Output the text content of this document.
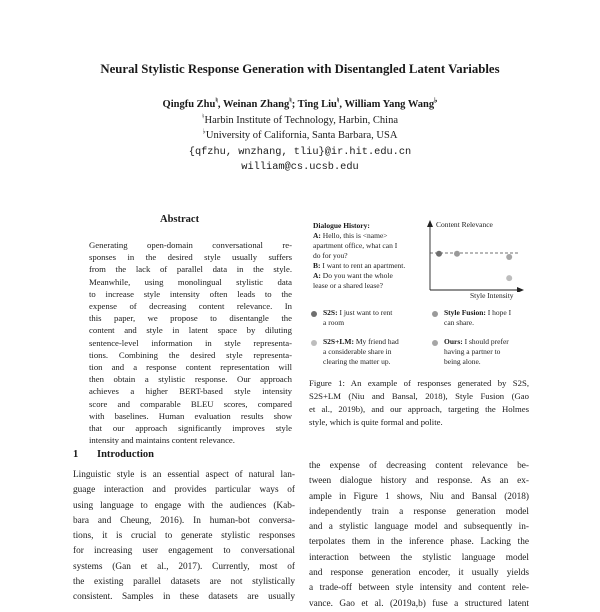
Neural Stylistic Response Generation with Disentangled Latent Variables
Qingfu Zhu♮, Weinan Zhang♮; Ting Liu♮, William Yang Wang♭
♮Harbin Institute of Technology, Harbin, China
♭University of California, Santa Barbara, USA
{qfzhu, wnzhang, tliu}@ir.hit.edu.cn
william@cs.ucsb.edu
Abstract
Generating open-domain conversational re-
sponses in the desired style usually suffers
from the lack of parallel data in the style.
Meanwhile, using monolingual stylistic data
to increase style intensity often leads to the
expense of decreasing content relevance. In
this paper, we propose to disentangle the
content and style in latent space by diluting
sentence-level information in style representa-
tions. Combining the desired style representa-
tion and a response content representation will
then obtain a stylistic response. Our approach
achieves a higher BERT-based style intensity
score and comparable BLEU scores, compared
with baselines. Human evaluation results show
that our approach significantly improves style
intensity and maintains content relevance.
Dialogue History:
A: Hello, this is <name>
apartment office, what can I
do for you?
B: I want to rent an apartment.
A: Do you want the whole
lease or a shared lease?
Content Relevance
Style Intensity
S2S: I just want to rent
a room
S2S+LM: My friend had
a considerable share in
clearing the matter up.
Style Fusion: I hope I
can share.
Ours: I should prefer
having a partner to
being alone.
Figure 1: An example of responses generated by S2S,
S2S+LM (Niu and Bansal, 2018), Style Fusion (Gao
et al., 2019b), and our approach, targeting the Holmes
style, which is quite formal and polite.
1 Introduction
Linguistic style is an essential aspect of natural lan-
guage interaction and provides particular ways of
using language to engage with the audiences (Kab-
bara and Cheung, 2016). In human-bot conversa-
tions, it is crucial to generate stylistic responses
for increasing user engagement to conversational
systems (Gan et al., 2017). Currently, most of
the existing parallel datasets are not stylistically
consistent. Samples in these datasets are usually
the expense of decreasing content relevance be-
tween dialogue history and response. As an ex-
ample in Figure 1 shows, Niu and Bansal (2018)
independently train a response generation model
and a stylistic language model and subsequently in-
terpolates them in the inference phase. Lacking the
interaction between the stylistic language model
and response generation encoder, it usually yields
a trade-off between style intensity and content rele-
vance. Gao et al. (2019a,b) fuse a structured latent
